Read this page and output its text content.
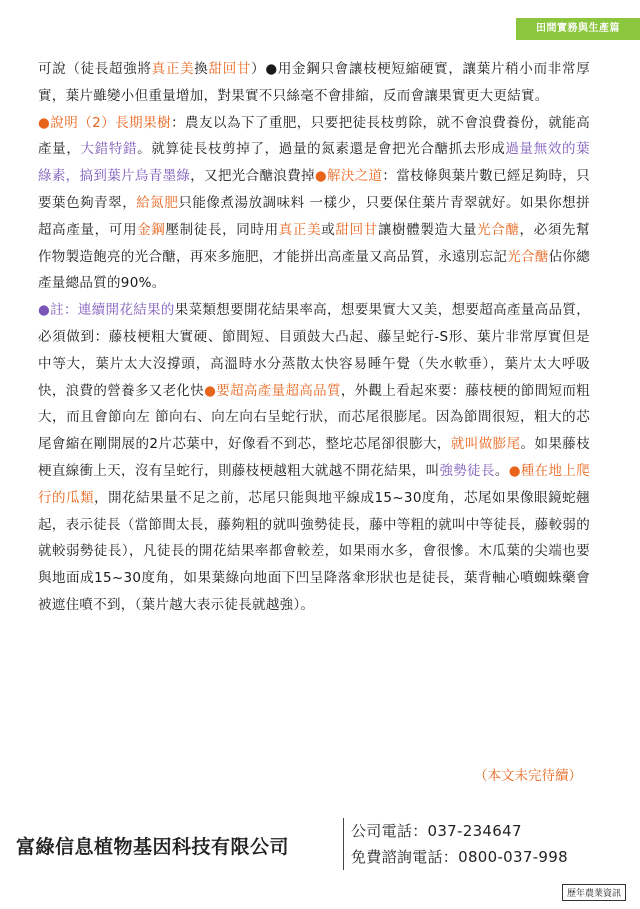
田間實務與生產篇www.f3.tw

可說（徒長超強將真正美換甜回甘）●用金鋼只會讓枝梗短縮硬實，讓葉片稍小而非常厚實，葉片雖變小但重量增加，對果實不只絲毫不會排縮，反而會讓果實更大更結實。

●說明（2）長期果樹：農友以為下了重肥，只要把徒長枝剪除，就不會浪費養份，就能高產量，大錯特錯。就算徒長枝剪掉了，過量的氮素還是會把光合醣抓去形成過量無效的葉綠素，搞到葉片烏青墨綠，又把光合醣浪費掉●解決之道：當枝條與葉片數已經足夠時，只要葉色夠青翠，給氮肥只能像煮湯放調味料 一樣少，只要保住葉片青翠就好。如果你想拼超高產量，可用金鋼壓制徒長，同時用真正美或甜回甘讓樹體製造大量光合醣，必須先幫作物製造飽亮的光合醣，再來多施肥，才能拼出高產量又高品質，永遠別忘記光合醣佔你總產量總品質的90%。

●註：連續開花結果的果菜類想要開花結果率高，想要果實大又美，想要超高產量高品質，必須做到：藤枝梗粗大實硬、節間短、目頭鼓大凸起、藤呈蛇行-S形、葉片非常厚實但是中等大，葉片太大沒撐頭，高溫時水分蒸散太快容易睡午覺（失水軟垂），葉片太大呼吸快，浪費的營養多又老化快●要超高產量超高品質，外觀上看起來要：藤枝梗的節間短而粗大，而且會節向左 節向右、向左向右呈蛇行狀，而芯尾很膨尾。因為節間很短，粗大的芯尾會縮在剛開展的2片芯葉中，好像看不到芯，整坨芯尾卻很膨大，就叫做膨尾。如果藤枝梗直線衝上天，沒有呈蛇行，則藤枝梗越粗大就越不開花結果，叫強勢徒長。●種在地上爬行的瓜類，開花結果量不足之前，芯尾只能與地平線成15~30度角，芯尾如果像眼鏡蛇翹起，表示徒長（當節間太長，藤夠粗的就叫強勢徒長，藤中等粗的就叫中等徒長，藤較弱的就較弱勢徒長），凡徒長的開花結果率都會較差，如果雨水多，會很慘。木瓜葉的尖端也要與地面成15~30度角，如果葉綠向地面下凹呈降落傘形狀也是徒長，葉背軸心噴蜘蛛藥會被遮住噴不到，（葉片越大表示徒長就越強）。

（本文未完待續）
富綠信息植物基因科技有限公司
公司電話：037-234647
免費諮詢電話：0800-037-998
歷年農業資訊
